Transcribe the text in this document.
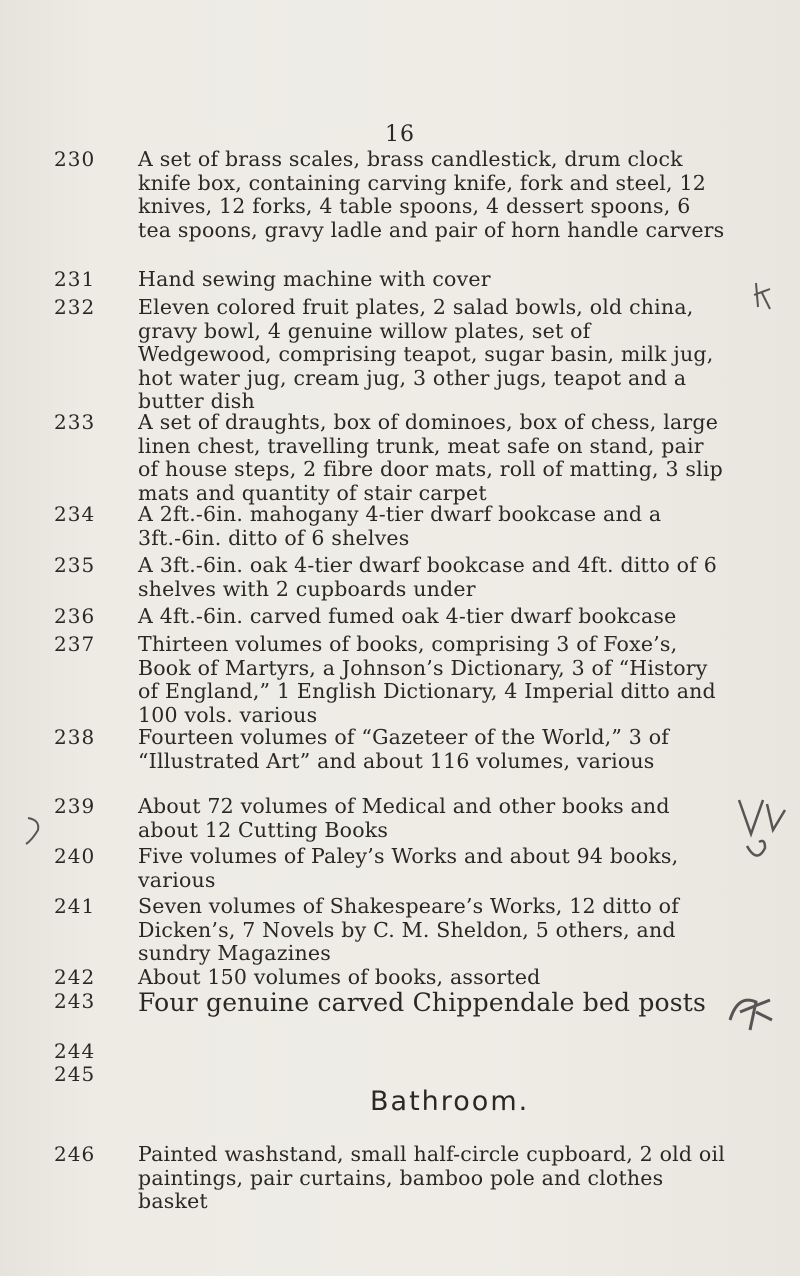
16
230	A set of brass scales, brass candlestick, drum clock knife box, containing carving knife, fork and steel, 12 knives, 12 forks, 4 table spoons, 4 dessert spoons, 6 tea spoons, gravy ladle and pair of horn handle carvers
231	Hand sewing machine with cover
232	Eleven colored fruit plates, 2 salad bowls, old china, gravy bowl, 4 genuine willow plates, set of Wedgewood, comprising teapot, sugar basin, milk jug, hot water jug, cream jug, 3 other jugs, teapot and a butter dish
233	A set of draughts, box of dominoes, box of chess, large linen chest, travelling trunk, meat safe on stand, pair of house steps, 2 fibre door mats, roll of matting, 3 slip mats and quantity of stair carpet
234	A 2ft.-6in. mahogany 4-tier dwarf bookcase and a 3ft.-6in. ditto of 6 shelves
235	A 3ft.-6in. oak 4-tier dwarf bookcase and 4ft. ditto of 6 shelves with 2 cupboards under
236	A 4ft.-6in. carved fumed oak 4-tier dwarf bookcase
237	Thirteen volumes of books, comprising 3 of Foxe’s, Book of Martyrs, a Johnson’s Dictionary, 3 of “History of England,” 1 English Dictionary, 4 Imperial ditto and 100 vols. various
238	Fourteen volumes of “Gazeteer of the World,” 3 of “Illustrated Art” and about 116 volumes, various
239	About 72 volumes of Medical and other books and about 12 Cutting Books
240	Five volumes of Paley’s Works and about 94 books, various
241	Seven volumes of Shakespeare’s Works, 12 ditto of Dicken’s, 7 Novels by C. M. Sheldon, 5 others, and sundry Magazines
242	About 150 volumes of books, assorted
243	Four genuine carved Chippendale bed posts
244
245
Bathroom.
246	Painted washstand, small half-circle cupboard, 2 old oil paintings, pair curtains, bamboo pole and clothes basket
